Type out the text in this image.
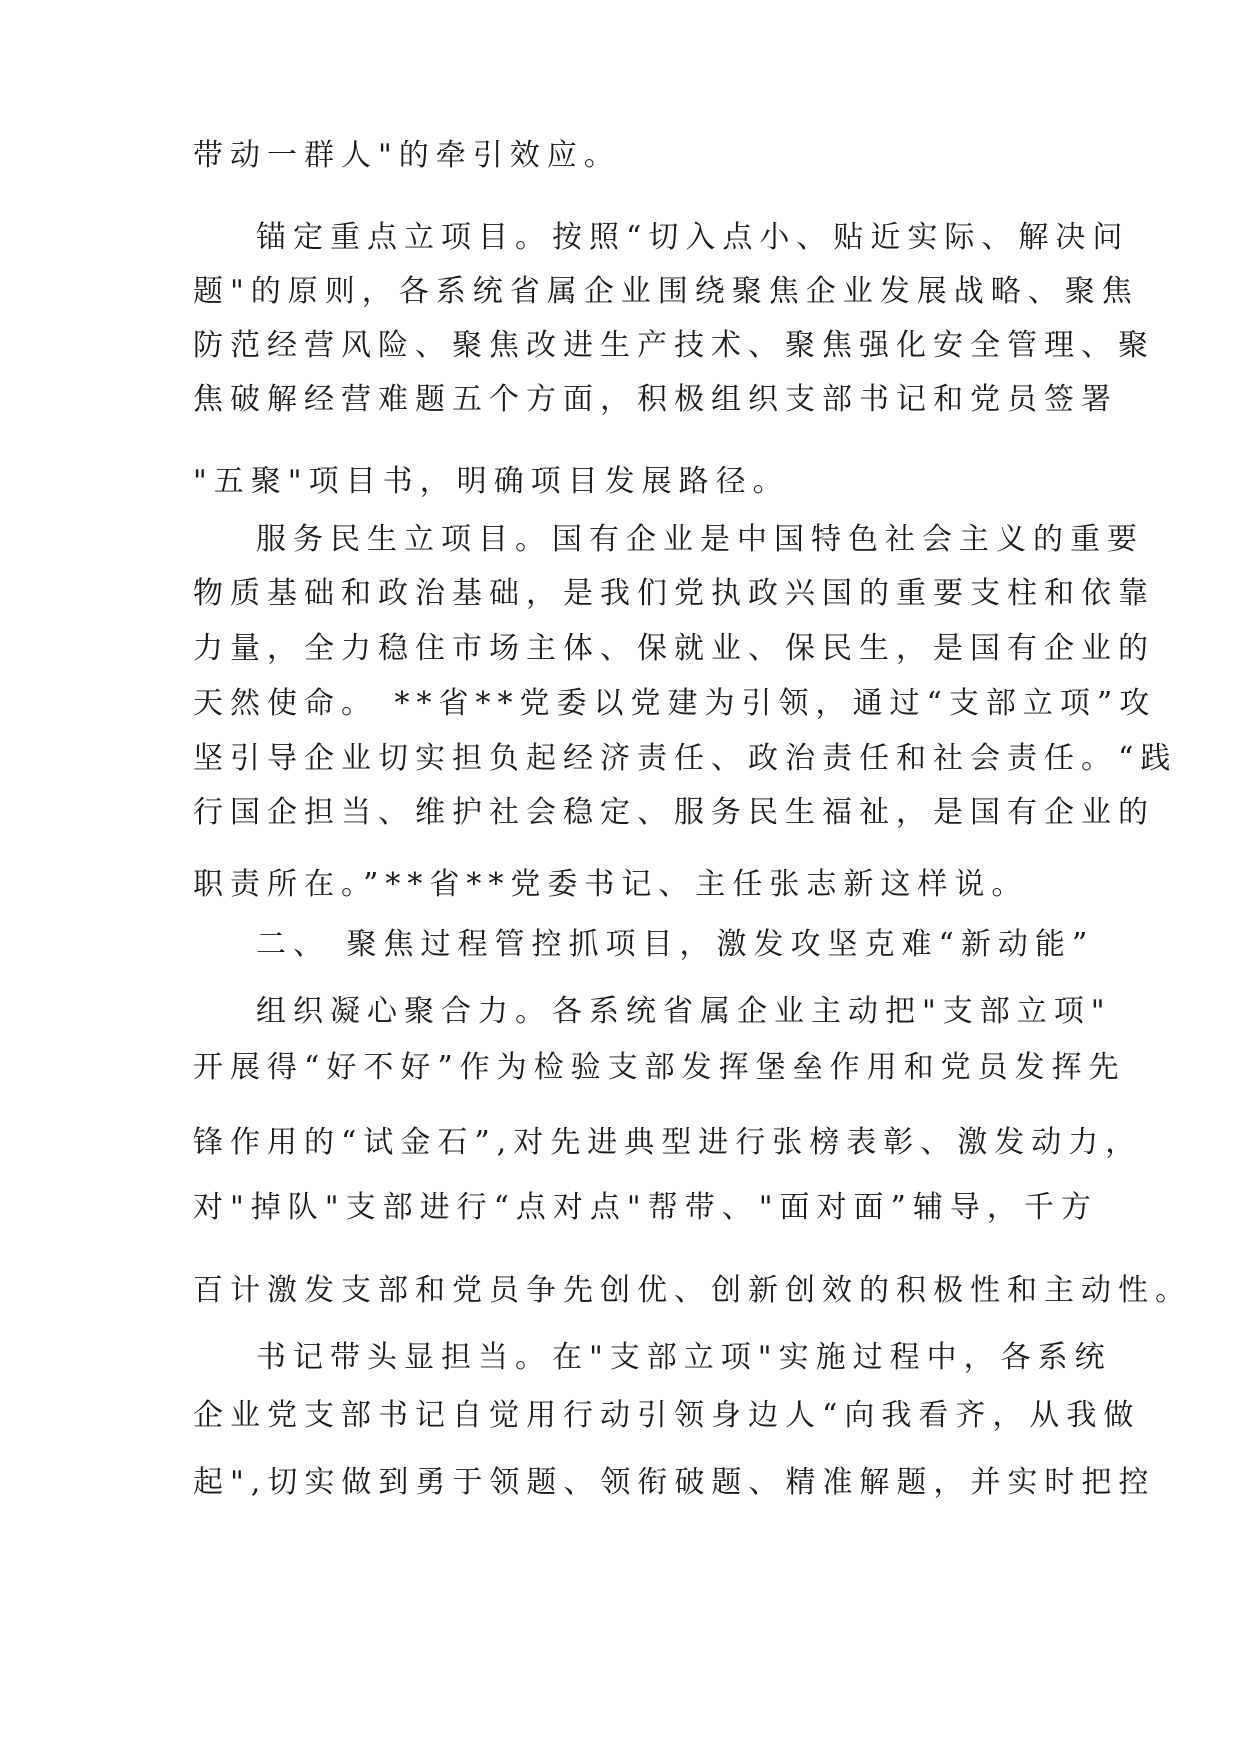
带动一群人"的牵引效应。
锚定重点立项目。按照“切入点小、贴近实际、解决问
题"的原则，各系统省属企业围绕聚焦企业发展战略、聚焦
防范经营风险、聚焦改进生产技术、聚焦强化安全管理、聚
焦破解经营难题五个方面，积极组织支部书记和党员签署
"五聚"项目书，明确项目发展路径。
服务民生立项目。国有企业是中国特色社会主义的重要
物质基础和政治基础，是我们党执政兴国的重要支柱和依靠
力量，全力稳住市场主体、保就业、保民生，是国有企业的
天然使命。 **省**党委以党建为引领，通过“支部立项”攻
坚引导企业切实担负起经济责任、政治责任和社会责任。“践
行国企担当、维护社会稳定、服务民生福祉，是国有企业的
职责所在。”**省**党委书记、主任张志新这样说。
二、 聚焦过程管控抓项目，激发攻坚克难“新动能”
组织凝心聚合力。各系统省属企业主动把"支部立项"
开展得“好不好”作为检验支部发挥堡垒作用和党员发挥先
锋作用的“试金石”,对先进典型进行张榜表彰、激发动力，
对"掉队"支部进行“点对点"帮带、"面对面”辅导，千方
百计激发支部和党员争先创优、创新创效的积极性和主动性。
书记带头显担当。在"支部立项"实施过程中，各系统
企业党支部书记自觉用行动引领身边人“向我看齐，从我做
起",切实做到勇于领题、领衔破题、精准解题，并实时把控
